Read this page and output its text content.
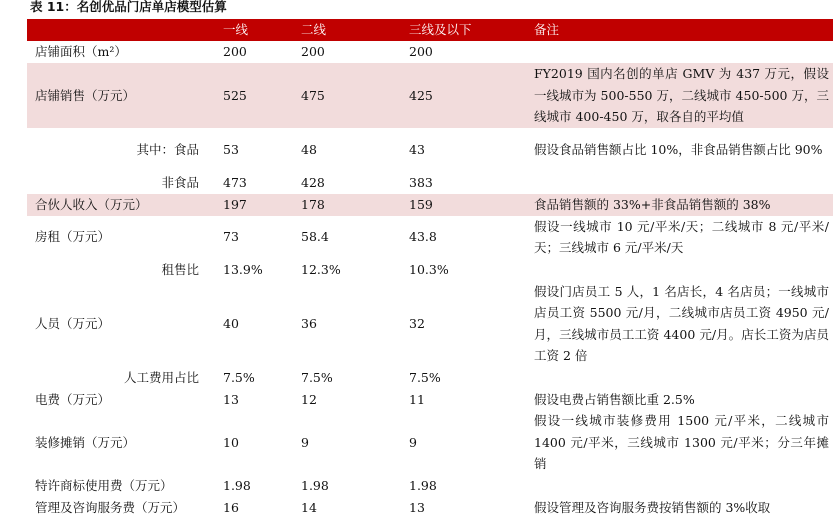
表 11：名创优品门店单店模型估算
	一线	二线	三线及以下	备注
店铺面积（m²）	200	200	200	
店铺销售（万元）	525	475	425	FY2019 国内名创的单店 GMV 为 437 万元，假设一线城市为 500-550 万，二线城市 450-500 万，三线城市 400-450 万，取各自的平均值
其中：食品	53	48	43	假设食品销售额占比 10%，非食品销售额占比 90%
非食品	473	428	383	
合伙人收入（万元）	197	178	159	食品销售额的 33%+非食品销售额的 38%
房租（万元）	73	58.4	43.8	假设一线城市 10 元/平米/天；二线城市 8 元/平米/天；三线城市 6 元/平米/天
租售比	13.9%	12.3%	10.3%	
人员（万元）	40	36	32	假设门店员工 5 人，1 名店长，4 名店员；一线城市店员工资 5500 元/月，二线城市店员工资 4950 元/月，三线城市员工工资 4400 元/月。店长工资为店员工资 2 倍
人工费用占比	7.5%	7.5%	7.5%	
电费（万元）	13	12	11	假设电费占销售额比重 2.5%
装修摊销（万元）	10	9	9	假设一线城市装修费用 1500 元/平米，二线城市 1400 元/平米，三线城市 1300 元/平米；分三年摊销
特许商标使用费（万元）	1.98	1.98	1.98	
管理及咨询服务费（万元）	16	14	13	假设管理及咨询服务费按销售额的 3%收取
